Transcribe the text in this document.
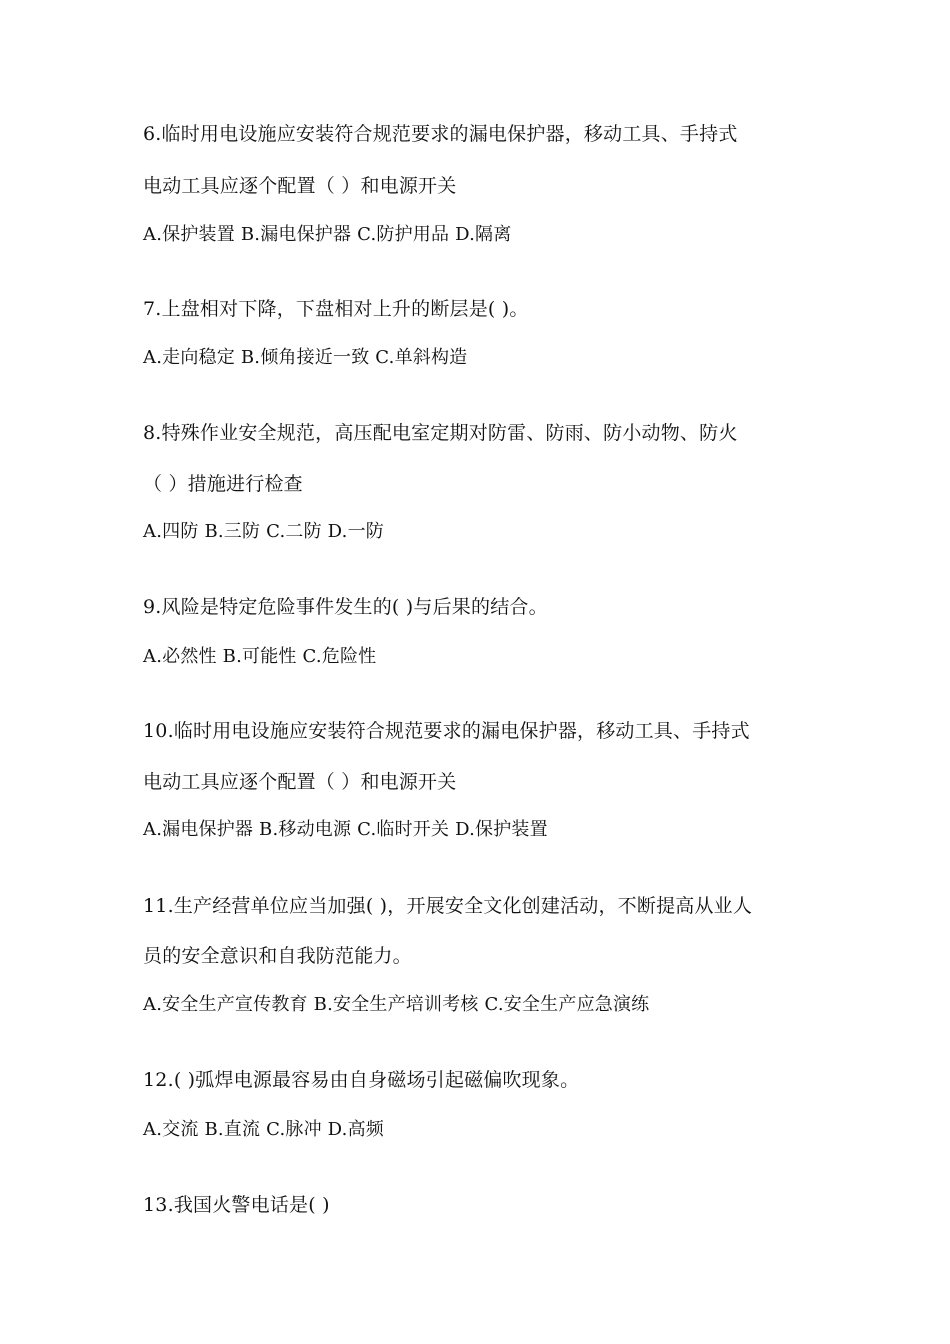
6.临时用电设施应安装符合规范要求的漏电保护器，移动工具、手持式
电动工具应逐个配置（ ）和电源开关
A.保护装置 B.漏电保护器 C.防护用品 D.隔离
7.上盘相对下降，下盘相对上升的断层是( )。
A.走向稳定 B.倾角接近一致 C.单斜构造
8.特殊作业安全规范，高压配电室定期对防雷、防雨、防小动物、防火
（ ）措施进行检查
A.四防 B.三防 C.二防 D.一防
9.风险是特定危险事件发生的( )与后果的结合。
A.必然性 B.可能性 C.危险性
10.临时用电设施应安装符合规范要求的漏电保护器，移动工具、手持式
电动工具应逐个配置（ ）和电源开关
A.漏电保护器 B.移动电源 C.临时开关 D.保护装置
11.生产经营单位应当加强( )，开展安全文化创建活动，不断提高从业人
员的安全意识和自我防范能力。
A.安全生产宣传教育 B.安全生产培训考核 C.安全生产应急演练
12.( )弧焊电源最容易由自身磁场引起磁偏吹现象。
A.交流 B.直流 C.脉冲 D.高频
13.我国火警电话是( )
